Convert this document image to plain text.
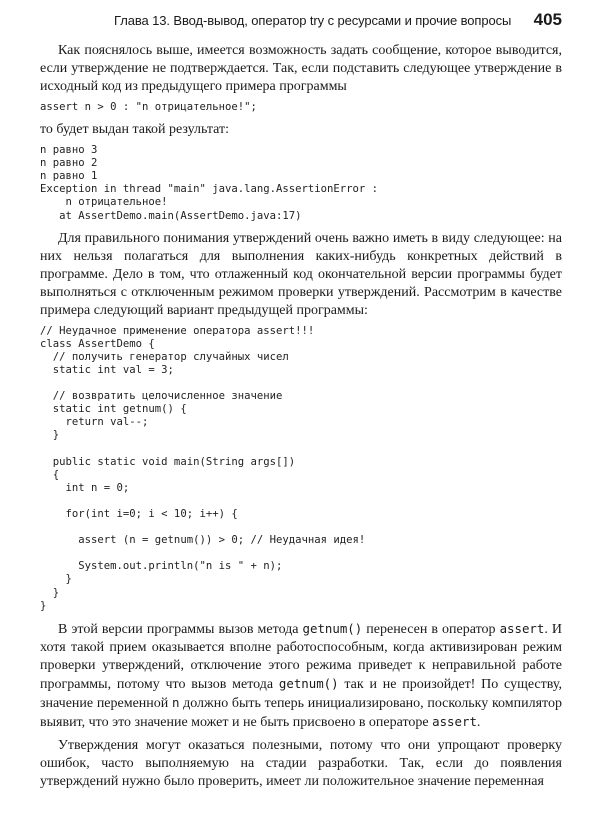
Глава 13. Ввод-вывод, оператор try с ресурсами и прочие вопросы 405

Как пояснялось выше, имеется возможность задать сообщение, которое выводится, если утверждение не подтверждается. Так, если подставить следующее утверждение в исходный код из предыдущего примера программы

assert n > 0 : "n отрицательное!";

то будет выдан такой результат:

n равно 3
n равно 2
n равно 1
Exception in thread "main" java.lang.AssertionError :
n отрицательное!
at AssertDemo.main(AssertDemo.java:17)

Для правильного понимания утверждений очень важно иметь в виду следующее: на них нельзя полагаться для выполнения каких-нибудь конкретных действий в программе. Дело в том, что отлаженный код окончательной версии программы будет выполняться с отключенным режимом проверки утверждений. Рассмотрим в качестве примера следующий вариант предыдущей программы:

// Неудачное применение оператора assert!!!
class AssertDemo {
// получить генератор случайных чисел
static int val = 3;

// возвратить целочисленное значение
static int getnum() {
return val--;
}

public static void main(String args[])
{
int n = 0;

for(int i=0; i < 10; i++) {

assert (n = getnum()) > 0; // Неудачная идея!

System.out.println("n is " + n);
}
}
}

В этой версии программы вызов метода getnum() перенесен в оператор assert. И хотя такой прием оказывается вполне работоспособным, когда активизирован режим проверки утверждений, отключение этого режима приведет к неправильной работе программы, потому что вызов метода getnum() так и не произойдет! По существу, значение переменной n должно быть теперь инициализировано, поскольку компилятор выявит, что это значение может и не быть присвоено в операторе assert.

Утверждения могут оказаться полезными, потому что они упрощают проверку ошибок, часто выполняемую на стадии разработки. Так, если до появления утверждений нужно было проверить, имеет ли положительное значение переменная
